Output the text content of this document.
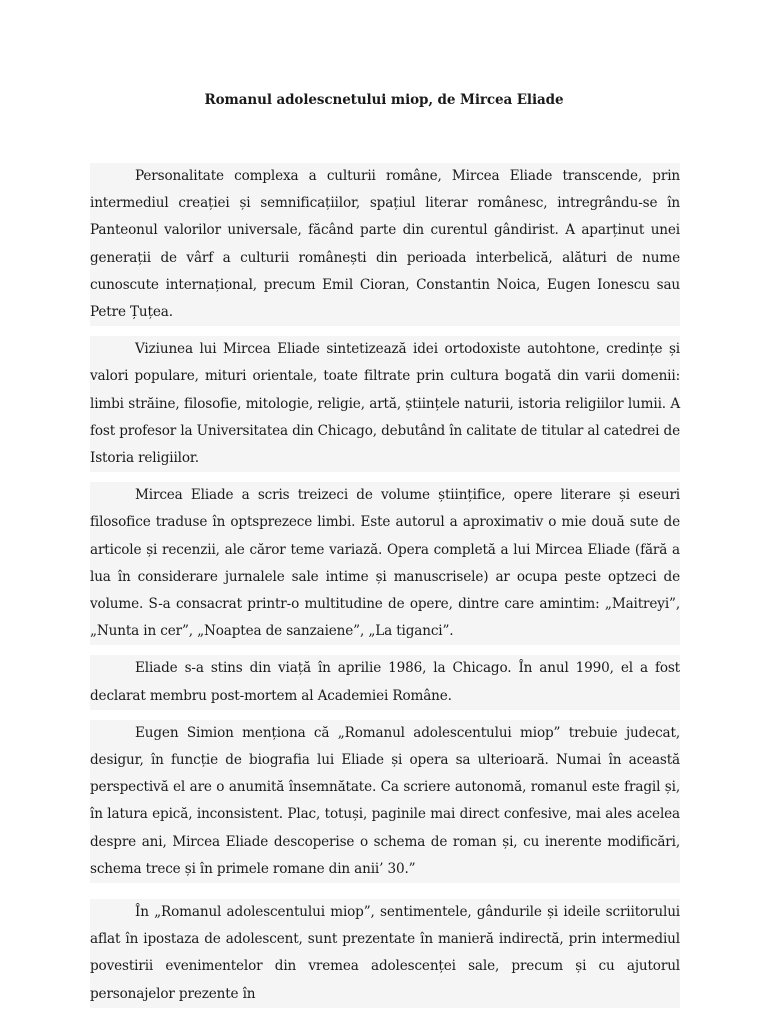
Romanul adolescnetului miop, de Mircea Eliade

Personalitate complexa a culturii române, Mircea Eliade transcende, prin intermediul creației și semnificațiilor, spațiul literar românesc, intregrându-se în Panteonul valorilor universale, făcând parte din curentul gândirist. A aparținut unei generații de vârf a culturii românești din perioada interbelică, alături de nume cunoscute internațional, precum Emil Cioran, Constantin Noica, Eugen Ionescu sau Petre Țuțea.

Viziunea lui Mircea Eliade sintetizează idei ortodoxiste autohtone, credințe și valori populare, mituri orientale, toate filtrate prin cultura bogată din varii domenii: limbi străine, filosofie, mitologie, religie, artă, științele naturii, istoria religiilor lumii. A fost profesor la Universitatea din Chicago, debutând în calitate de titular al catedrei de Istoria religiilor.

Mircea Eliade a scris treizeci de volume științifice, opere literare și eseuri filosofice traduse în optsprezece limbi. Este autorul a aproximativ o mie două sute de articole și recenzii, ale căror teme variază. Opera completă a lui Mircea Eliade (fără a lua în considerare jurnalele sale intime și manuscrisele) ar ocupa peste optzeci de volume. S-a consacrat printr-o multitudine de opere, dintre care amintim: „Maitreyi”, „Nunta in cer”, „Noaptea de sanzaiene”, „La tiganci”.

Eliade s-a stins din viață în aprilie 1986, la Chicago. În anul 1990, el a fost declarat membru post-mortem al Academiei Române.

Eugen Simion menționa că „Romanul adolescentului miop” trebuie judecat, desigur, în funcție de biografia lui Eliade și opera sa ulterioară. Numai în această perspectivă el are o anumită însemnătate. Ca scriere autonomă, romanul este fragil și, în latura epică, inconsistent. Plac, totuși, paginile mai direct confesive, mai ales acelea despre ani, Mircea Eliade descoperise o schema de roman și, cu inerente modificări, schema trece și în primele romane din anii’ 30.”

În „Romanul adolescentului miop”, sentimentele, gândurile și ideile scriitorului aflat în ipostaza de adolescent, sunt prezentate în manieră indirectă, prin intermediul povestirii evenimentelor din vremea adolescenței sale, precum și cu ajutorul personajelor prezente în
